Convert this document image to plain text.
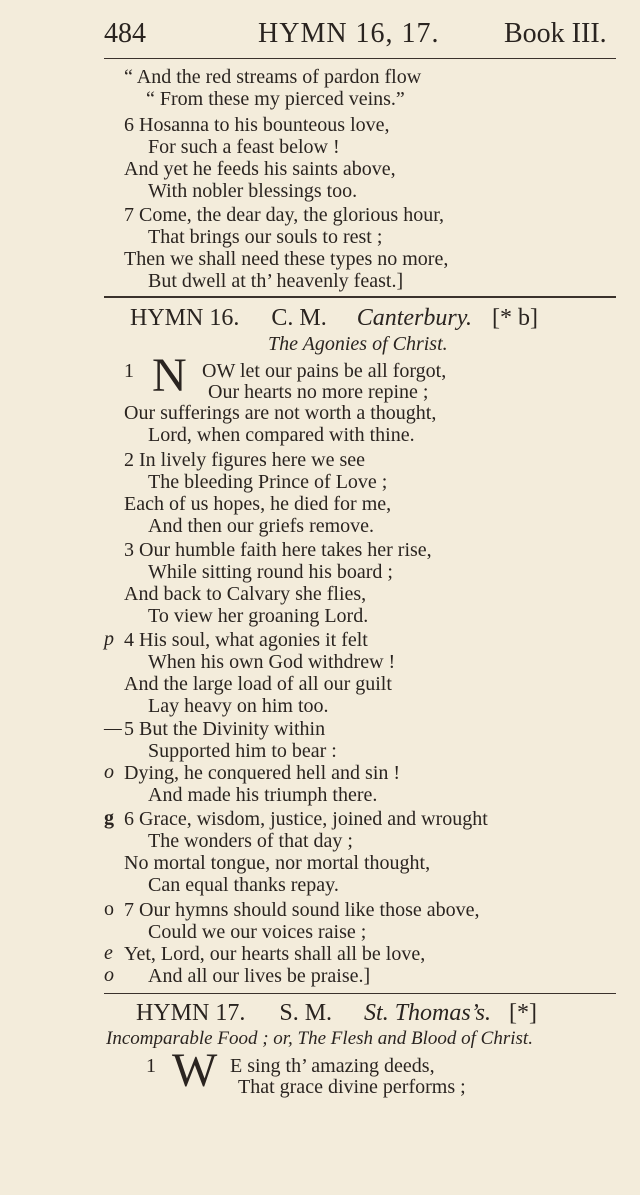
484	HYMN 16, 17. Book III.
“ And the red streams of pardon flow
“ From these my pierced veins.”
6 Hosanna to his bounteous love,
For such a feast below !
And yet he feeds his saints above,
With nobler blessings too.
7 Come, the dear day, the glorious hour,
That brings our souls to rest ;
Then we shall need these types no more,
But dwell at th’ heavenly feast.]
HYMN 16. C. M. Canterbury. [* b]
The Agonies of Christ.
1 N OW let our pains be all forgot,
Our hearts no more repine ;
Our sufferings are not worth a thought,
Lord, when compared with thine.
2 In lively figures here we see
The bleeding Prince of Love ;
Each of us hopes, he died for me,
And then our griefs remove.
3 Our humble faith here takes her rise,
While sitting round his board ;
And back to Calvary she flies,
To view her groaning Lord.
p 4 His soul, what agonies it felt
When his own God withdrew !
And the large load of all our guilt
Lay heavy on him too.
— 5 But the Divinity within
Supported him to bear :
o Dying, he conquered hell and sin !
And made his triumph there.
g 6 Grace, wisdom, justice, joined and wrought
The wonders of that day ;
No mortal tongue, nor mortal thought,
Can equal thanks repay.
o 7 Our hymns should sound like those above,
Could we our voices raise ;
e Yet, Lord, our hearts shall all be love,
o And all our lives be praise.]
HYMN 17. S. M. St. Thomas’s. [*]
Incomparable Food ; or, The Flesh and Blood of Christ.
1 W E sing th’ amazing deeds,
That grace divine performs ;
